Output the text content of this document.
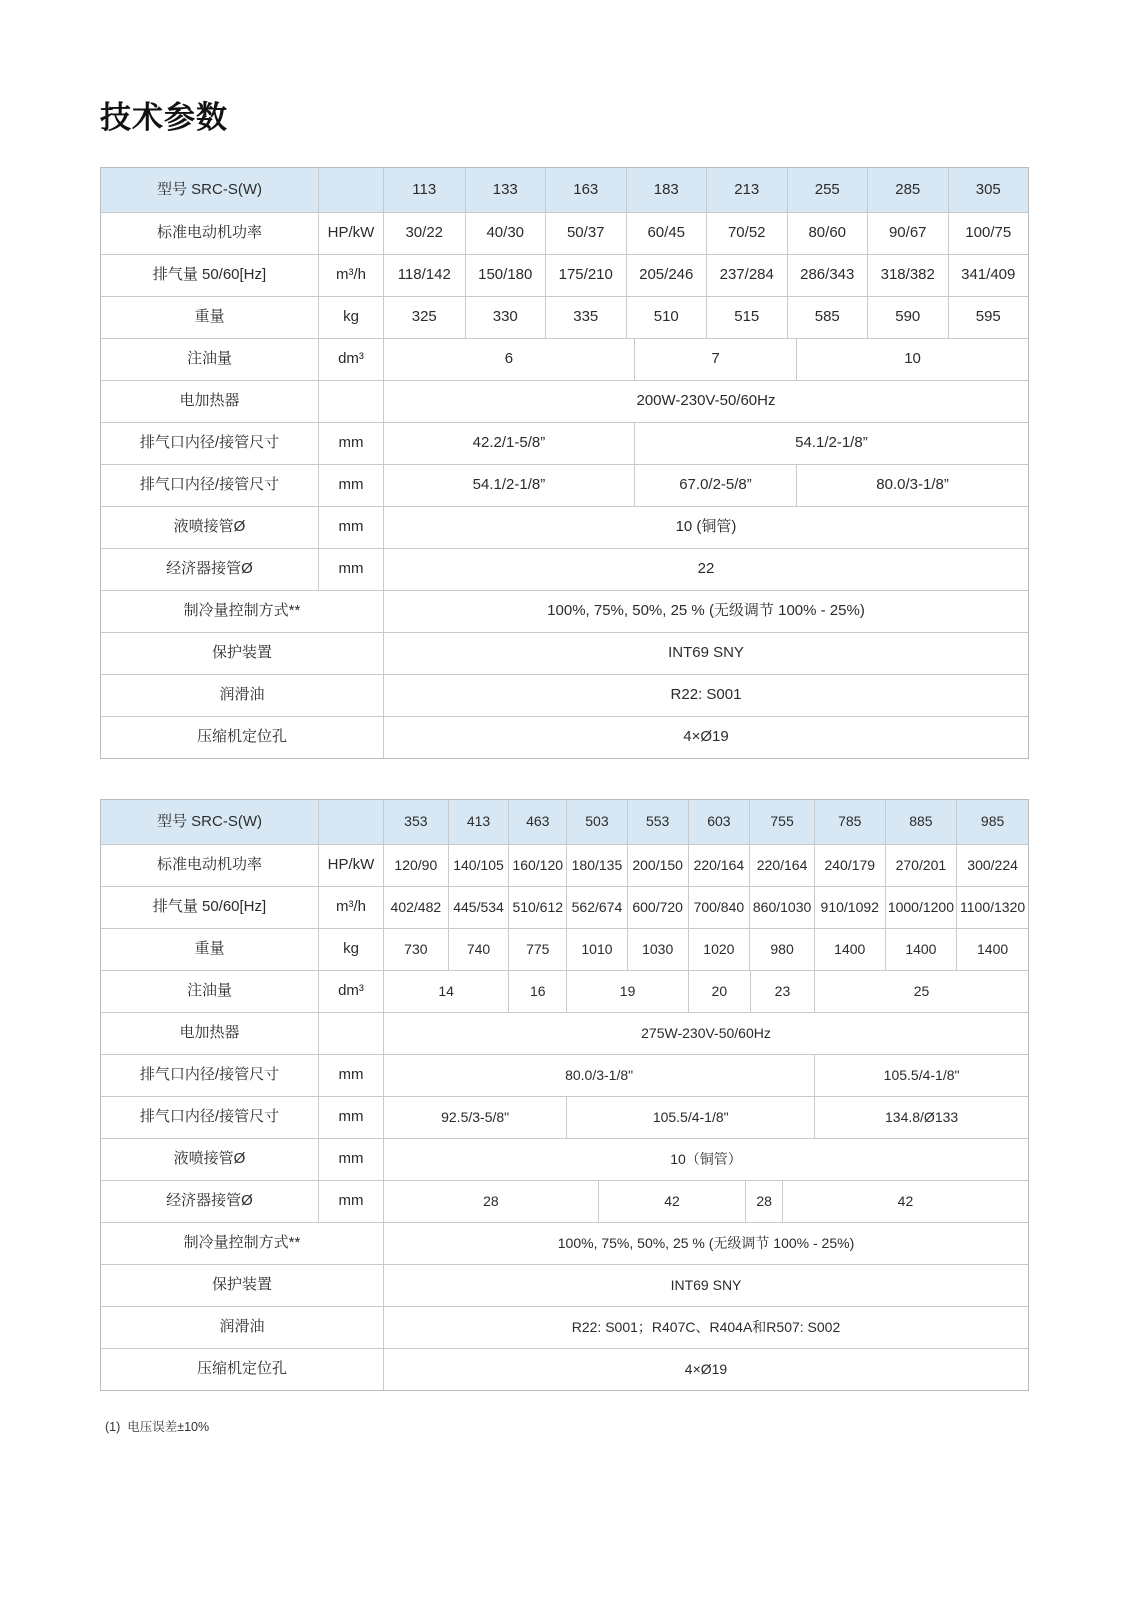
技术参数
型号 SRC-S(W)	113	133	163	183	213	255	285	305
标准电动机功率	HP/kW	30/22	40/30	50/37	60/45	70/52	80/60	90/67	100/75
排气量 50/60[Hz]	m³/h	118/142	150/180	175/210	205/246	237/284	286/343	318/382	341/409
重量	kg	325	330	335	510	515	585	590	595
注油量	dm³	6	7	10
电加热器	200W-230V-50/60Hz
排气口内径/接管尺寸	mm	42.2/1-5/8”	54.1/2-1/8”
排气口内径/接管尺寸	mm	54.1/2-1/8”	67.0/2-5/8”	80.0/3-1/8”
液喷接管Ø	mm	10 (铜管)
经济器接管Ø	mm	22
制冷量控制方式**	100%, 75%, 50%, 25 % (无级调节 100% - 25%)
保护装置	INT69 SNY
润滑油	R22: S001
压缩机定位孔	4×Ø19
型号 SRC-S(W)	353	413	463	503	553	603	755	785	885	985
标准电动机功率	HP/kW	120/90	140/105 160/120 180/135 200/150 220/164 220/164	240/179	270/201	300/224
排气量 50/60[Hz]	m³/h	402/482 445/534 510/612 562/674 600/720 700/840 860/1030 910/1092 1000/1200 1100/1320
重量	kg	730	740	775	1010	1030	1020	980	1400	1400	1400
注油量	dm³	14	16	19	20	23	25
电加热器	275W-230V-50/60Hz
排气口内径/接管尺寸	mm	80.0/3-1/8"	105.5/4-1/8"
排气口内径/接管尺寸	mm	92.5/3-5/8"	105.5/4-1/8"	134.8/Ø133
液喷接管Ø	mm	10（铜管）
经济器接管Ø	mm	28	42	28	42
制冷量控制方式**	100%, 75%, 50%, 25 % (无级调节 100% - 25%)
保护装置	INT69 SNY
润滑油	R22: S001；R407C、R404A和R507: S002
压缩机定位孔	4×Ø19
(1)  电压误差±10%
